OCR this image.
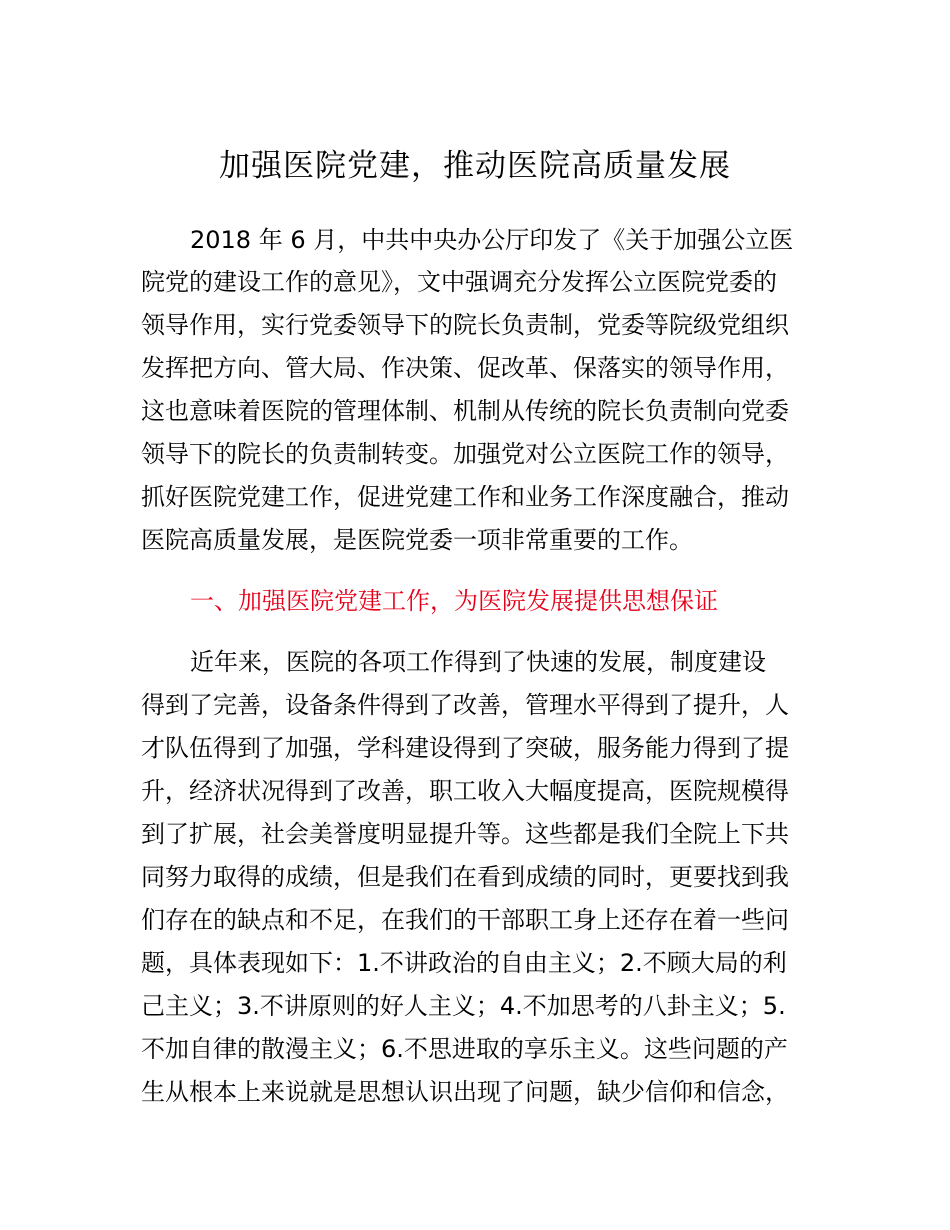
加强医院党建，推动医院高质量发展
2018 年 6 月，中共中央办公厅印发了《关于加强公立医
院党的建设工作的意见》，文中强调充分发挥公立医院党委的
领导作用，实行党委领导下的院长负责制，党委等院级党组织
发挥把方向、管大局、作决策、促改革、保落实的领导作用，
这也意味着医院的管理体制、机制从传统的院长负责制向党委
领导下的院长的负责制转变。加强党对公立医院工作的领导，
抓好医院党建工作，促进党建工作和业务工作深度融合，推动
医院高质量发展，是医院党委一项非常重要的工作。
一、加强医院党建工作，为医院发展提供思想保证
近年来，医院的各项工作得到了快速的发展，制度建设
得到了完善，设备条件得到了改善，管理水平得到了提升，人
才队伍得到了加强，学科建设得到了突破，服务能力得到了提
升，经济状况得到了改善，职工收入大幅度提高，医院规模得
到了扩展，社会美誉度明显提升等。这些都是我们全院上下共
同努力取得的成绩，但是我们在看到成绩的同时，更要找到我
们存在的缺点和不足，在我们的干部职工身上还存在着一些问
题，具体表现如下：1.不讲政治的自由主义；2.不顾大局的利
己主义；3.不讲原则的好人主义；4.不加思考的八卦主义；5.
不加自律的散漫主义；6.不思进取的享乐主义。这些问题的产
生从根本上来说就是思想认识出现了问题，缺少信仰和信念，
